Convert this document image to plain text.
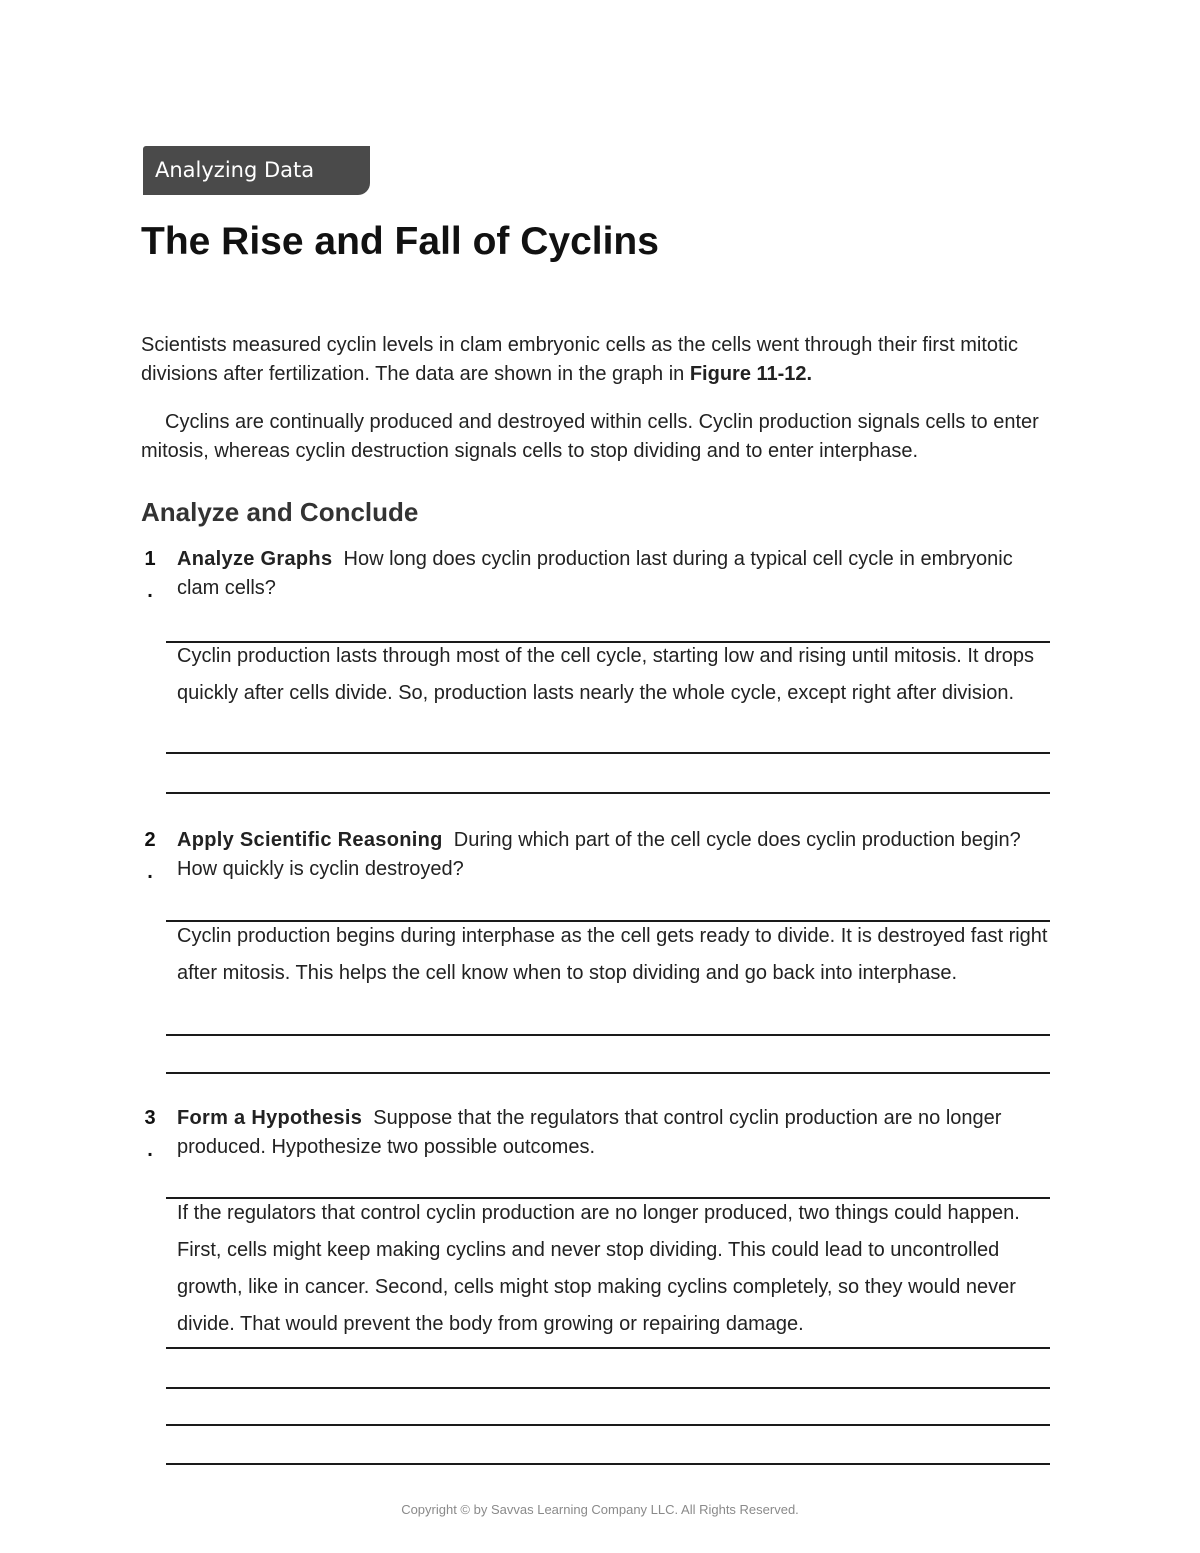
Analyzing Data
The Rise and Fall of Cyclins

Scientists measured cyclin levels in clam embryonic cells as the cells went through their first mitotic divisions after fertilization. The data are shown in the graph in Figure 11-12.

Cyclins are continually produced and destroyed within cells. Cyclin production signals cells to enter mitosis, whereas cyclin destruction signals cells to stop dividing and to enter interphase.

Analyze and Conclude
1
.

Analyze Graphs How long does cyclin production last during a typical cell cycle in embryonic clam cells?

Cyclin production lasts through most of the cell cycle, starting low and rising until mitosis. It drops quickly after cells divide. So, production lasts nearly the whole cycle, except right after division.

2
.

Apply Scientific Reasoning During which part of the cell cycle does cyclin production begin? How quickly is cyclin destroyed?

Cyclin production begins during interphase as the cell gets ready to divide. It is destroyed fast right after mitosis. This helps the cell know when to stop dividing and go back into interphase.

3
.

Form a Hypothesis Suppose that the regulators that control cyclin production are no longer produced. Hypothesize two possible outcomes.

If the regulators that control cyclin production are no longer produced, two things could happen. First, cells might keep making cyclins and never stop dividing. This could lead to uncontrolled growth, like in cancer. Second, cells might stop making cyclins completely, so they would never divide. That would prevent the body from growing or repairing damage.

Copyright © by Savvas Learning Company LLC. All Rights Reserved.
